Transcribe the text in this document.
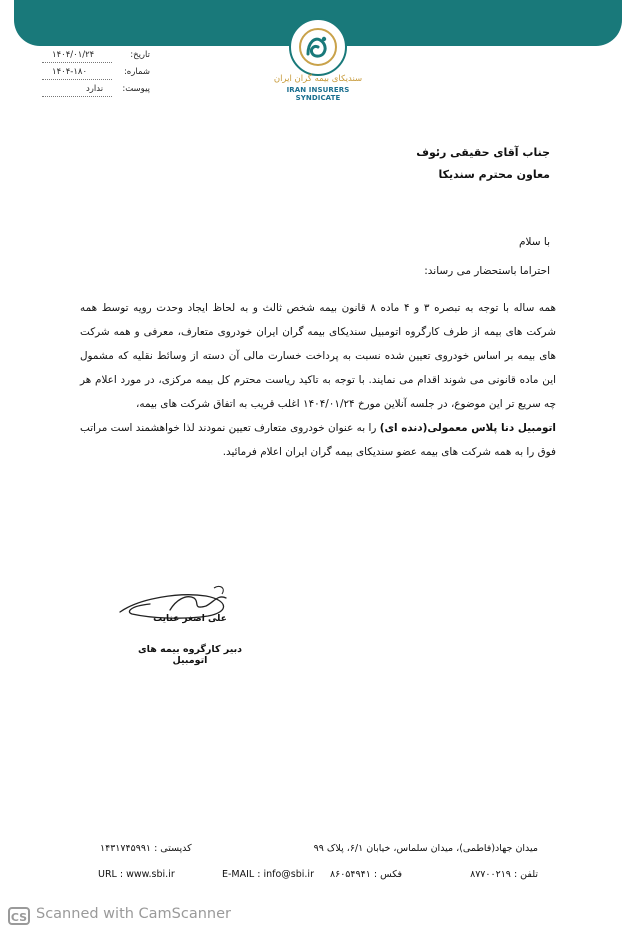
سندیکای بیمه گران ایران
IRAN INSURERS SYNDICATE
تاریخ:
۱۴۰۴/۰۱/۲۴
شماره:
۱۴۰۴-۱۸۰
پیوست:
ندارد
جناب آقای حقیقی رئوف
معاون محترم سندیکا
با سلام
احتراما باستحضار می رساند:
همه ساله با توجه به تبصره ۳ و ۴ ماده ۸ قانون بیمه شخص ثالث و به لحاظ ایجاد وحدت رویه توسط همه شرکت های بیمه از طرف کارگروه اتومبیل سندیکای بیمه گران ایران خودروی متعارف، معرفی و همه شرکت های بیمه بر اساس خودروی تعیین شده نسبت به پرداخت خسارت مالی آن دسته از وسائط نقلیه که مشمول این ماده قانونی می شوند اقدام می نمایند. با توجه به تاکید ریاست محترم کل بیمه مرکزی، در مورد اعلام هر چه سریع تر این موضوع، در جلسه آنلاین مورخ ۱۴۰۴/۰۱/۲۴ اغلب قریب به اتفاق شرکت های بیمه،
اتومبیل دنا پلاس معمولی(دنده ای) را به عنوان خودروی متعارف تعیین نمودند لذا خواهشمند است مراتب فوق را به همه شرکت های بیمه عضو سندیکای بیمه گران ایران اعلام فرمائید.
علی اصغر عنایت
دبیر کارگروه بیمه های اتومبیل
میدان جهاد(فاطمی)، میدان سلماس، خیابان ۶/۱، پلاک ۹۹
کدپستی : ۱۴۳۱۷۴۵۹۹۱
تلفن : ۸۷۷۰۰۲۱۹
فکس : ۸۶۰۵۴۹۴۱
E-MAIL : info@sbi.ir
URL : www.sbi.ir
CS Scanned with CamScanner
